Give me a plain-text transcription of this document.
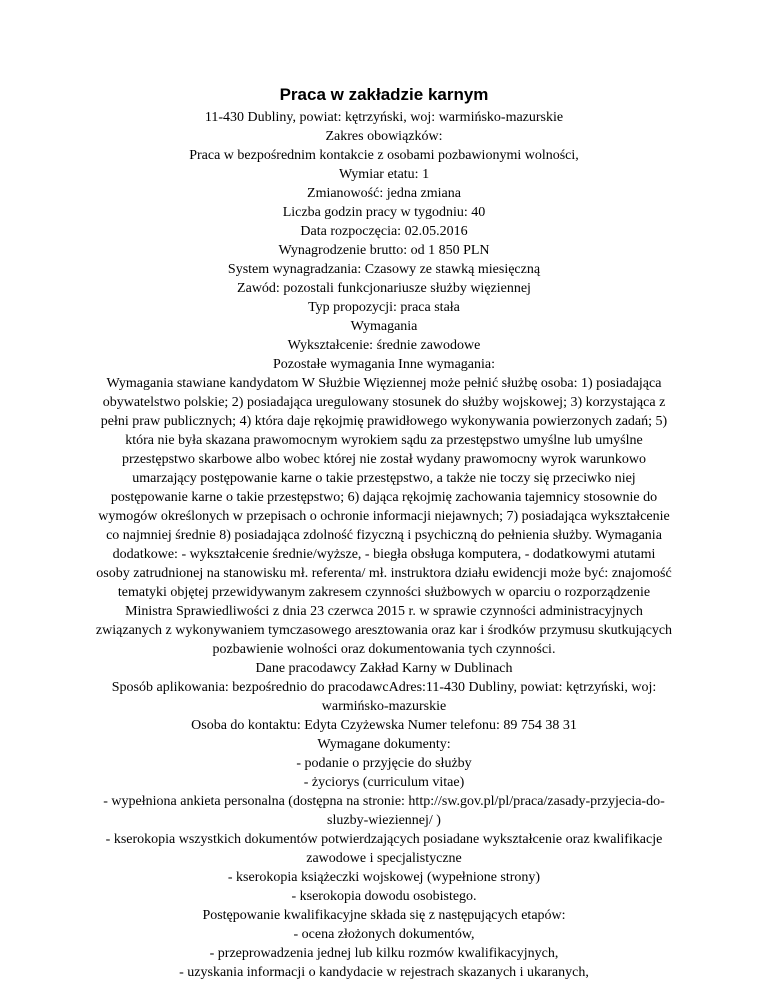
Praca w zakładzie karnym
11-430 Dubliny, powiat: kętrzyński, woj: warmińsko-mazurskie
Zakres obowiązków:
Praca w bezpośrednim kontakcie z osobami pozbawionymi wolności,
Wymiar etatu: 1
Zmianowość: jedna zmiana
Liczba godzin pracy w tygodniu: 40
Data rozpoczęcia: 02.05.2016
Wynagrodzenie brutto: od 1 850 PLN
System wynagradzania: Czasowy ze stawką miesięczną
Zawód: pozostali funkcjonariusze służby więziennej
Typ propozycji: praca stała
Wymagania
Wykształcenie: średnie zawodowe
Pozostałe wymagania Inne wymagania:
Wymagania stawiane kandydatom W Służbie Więziennej może pełnić służbę osoba: 1) posiadająca
obywatelstwo polskie; 2) posiadająca uregulowany stosunek do służby wojskowej; 3) korzystająca z
pełni praw publicznych; 4) która daje rękojmię prawidłowego wykonywania powierzonych zadań; 5)
która nie była skazana prawomocnym wyrokiem sądu za przestępstwo umyślne lub umyślne
przestępstwo skarbowe albo wobec której nie został wydany prawomocny wyrok warunkowo
umarzający postępowanie karne o takie przestępstwo, a także nie toczy się przeciwko niej
postępowanie karne o takie przestępstwo; 6) dająca rękojmię zachowania tajemnicy stosownie do
wymogów określonych w przepisach o ochronie informacji niejawnych; 7) posiadająca wykształcenie
co najmniej średnie 8) posiadająca zdolność fizyczną i psychiczną do pełnienia służby. Wymagania
dodatkowe: - wykształcenie średnie/wyższe, - biegła obsługa komputera, - dodatkowymi atutami
osoby zatrudnionej na stanowisku mł. referenta/ mł. instruktora działu ewidencji może być: znajomość
tematyki objętej przewidywanym zakresem czynności służbowych w oparciu o rozporządzenie
Ministra Sprawiedliwości z dnia 23 czerwca 2015 r. w sprawie czynności administracyjnych
związanych z wykonywaniem tymczasowego aresztowania oraz kar i środków przymusu skutkujących
pozbawienie wolności oraz dokumentowania tych czynności.
Dane pracodawcy Zakład Karny w Dublinach
Sposób aplikowania: bezpośrednio do pracodawcAdres:11-430 Dubliny, powiat: kętrzyński, woj:
warmińsko-mazurskie
Osoba do kontaktu: Edyta Czyżewska Numer telefonu: 89 754 38 31
Wymagane dokumenty:
- podanie o przyjęcie do służby
- życiorys (curriculum vitae)
- wypełniona ankieta personalna (dostępna na stronie: http://sw.gov.pl/pl/praca/zasady-przyjecia-do-
sluzby-wieziennej/ )
- kserokopia wszystkich dokumentów potwierdzających posiadane wykształcenie oraz kwalifikacje
zawodowe i specjalistyczne
- kserokopia książeczki wojskowej (wypełnione strony)
- kserokopia dowodu osobistego.
Postępowanie kwalifikacyjne składa się z następujących etapów:
- ocena złożonych dokumentów,
- przeprowadzenia jednej lub kilku rozmów kwalifikacyjnych,
- uzyskania informacji o kandydacie w rejestrach skazanych i ukaranych,
